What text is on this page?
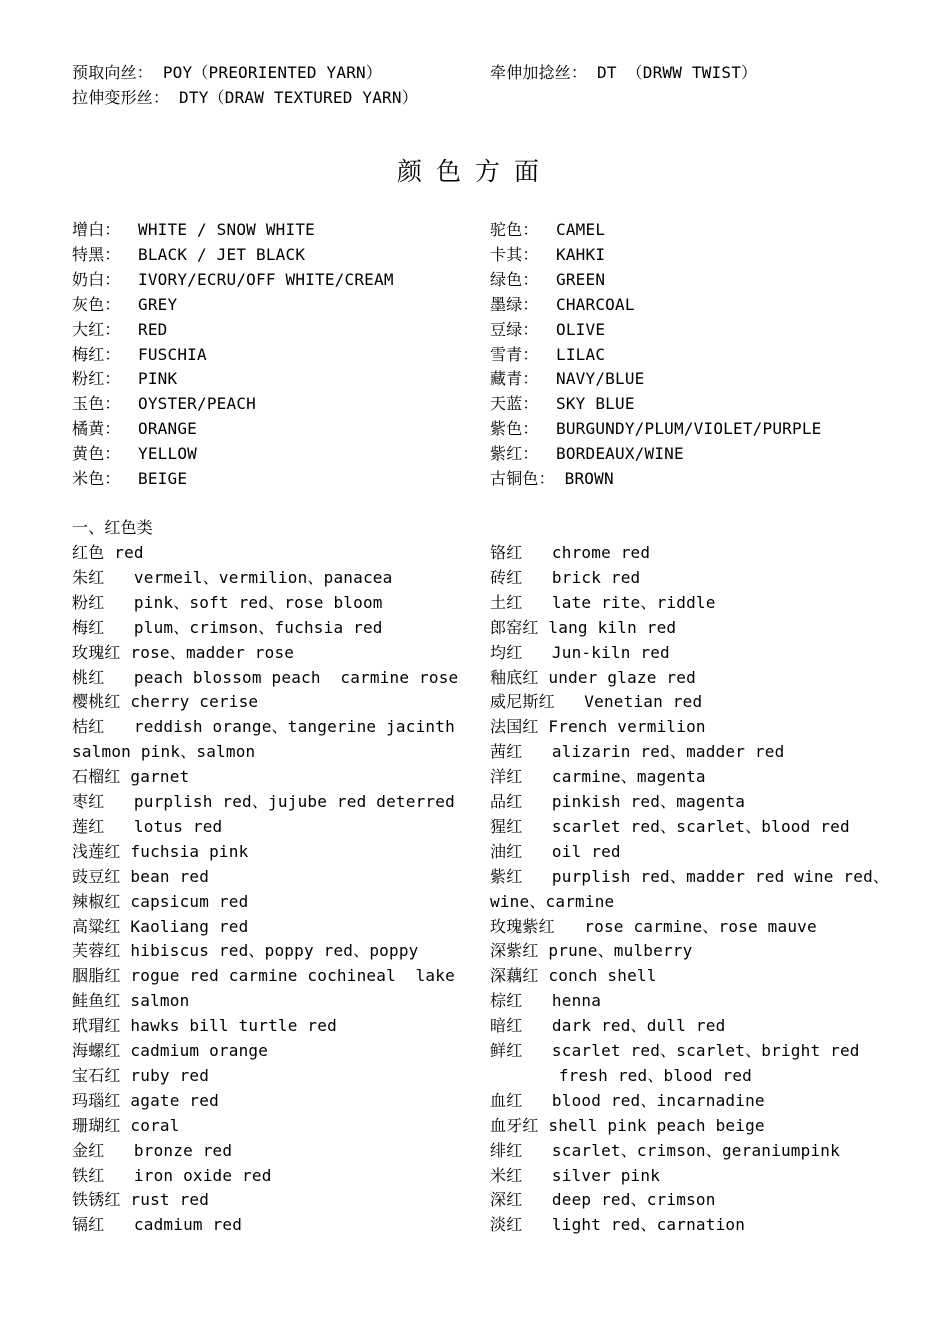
预取向丝： POY（PREORIENTED YARN）	牵伸加捻丝： DT （DRWW TWIST）
拉伸变形丝： DTY（DRAW TEXTURED YARN）
颜色方面
增白： WHITE / SNOW WHITE
特黑： BLACK / JET BLACK
奶白： IVORY/ECRU/OFF WHITE/CREAM
灰色： GREY
大红： RED
梅红： FUSCHIA
粉红： PINK
玉色： OYSTER/PEACH
橘黄： ORANGE
黄色： YELLOW
米色： BEIGE
驼色： CAMEL
卡其： KAHKI
绿色： GREEN
墨绿： CHARCOAL
豆绿： OLIVE
雪青： LILAC
藏青： NAVY/BLUE
天蓝： SKY BLUE
紫色： BURGUNDY/PLUM/VIOLET/PURPLE
紫红： BORDEAUX/WINE
古铜色： BROWN
一、红色类
红色 red
朱红   vermeil、vermilion、panacea
粉红   pink、soft red、rose bloom
梅红   plum、crimson、fuchsia red
玫瑰红 rose、madder rose
桃红   peach blossom peach  carmine rose
樱桃红 cherry cerise
桔红   reddish orange、tangerine jacinth
salmon pink、salmon
石榴红 garnet
枣红   purplish red、jujube red deterred
莲红   lotus red
浅莲红 fuchsia pink
豉豆红 bean red
辣椒红 capsicum red
高粱红 Kaoliang red
芙蓉红 hibiscus red、poppy red、poppy
胭脂红 rogue red carmine cochineal  lake
鲑鱼红 salmon
玳瑁红 hawks bill turtle red
海螺红 cadmium orange
宝石红 ruby red
玛瑙红 agate red
珊瑚红 coral
金红   bronze red
铁红   iron oxide red
铁锈红 rust red
镉红   cadmium red
铬红   chrome red
砖红   brick red
土红   late rite、riddle
郎窑红 lang kiln red
均红   Jun-kiln red
釉底红 under glaze red
威尼斯红   Venetian red
法国红 French vermilion
茜红   alizarin red、madder red
洋红   carmine、magenta
品红   pinkish red、magenta
猩红   scarlet red、scarlet、blood red
油红   oil red
紫红   purplish red、madder red wine red、
wine、carmine
玫瑰紫红   rose carmine、rose mauve
深紫红 prune、mulberry
深藕红 conch shell
棕红   henna
暗红   dark red、dull red
鲜红   scarlet red、scarlet、bright red
fresh red、blood red
血红   blood red、incarnadine
血牙红 shell pink peach beige
绯红   scarlet、crimson、geraniumpink
米红   silver pink
深红   deep red、crimson
淡红   light red、carnation
